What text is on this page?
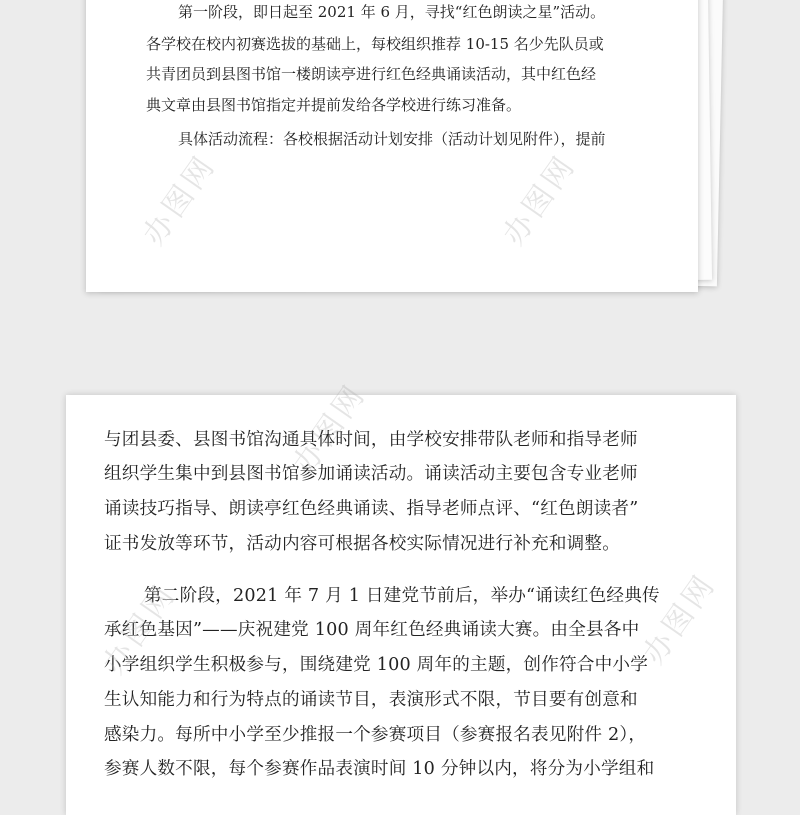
第一阶段，即日起至 2021 年 6 月，寻找“红色朗读之星”活动。

各学校在校内初赛选拔的基础上，每校组织推荐 10-15 名少先队员或

共青团员到县图书馆一楼朗读亭进行红色经典诵读活动，其中红色经

典文章由县图书馆指定并提前发给各学校进行练习准备。

具体活动流程：各校根据活动计划安排（活动计划见附件），提前

办图网	办图网

与团县委、县图书馆沟通具体时间，由学校安排带队老师和指导老师

组织学生集中到县图书馆参加诵读活动。诵读活动主要包含专业老师

诵读技巧指导、朗读亭红色经典诵读、指导老师点评、“红色朗读者”

证书发放等环节，活动内容可根据各校实际情况进行补充和调整。

第二阶段，2021 年 7 月 1 日建党节前后，举办“诵读红色经典传

承红色基因”——庆祝建党 100 周年红色经典诵读大赛。由全县各中

小学组织学生积极参与，围绕建党 100 周年的主题，创作符合中小学

生认知能力和行为特点的诵读节目，表演形式不限，节目要有创意和

感染力。每所中小学至少推报一个参赛项目（参赛报名表见附件 2），

参赛人数不限，每个参赛作品表演时间 10 分钟以内，将分为小学组和

办图网
办图网	办图网
